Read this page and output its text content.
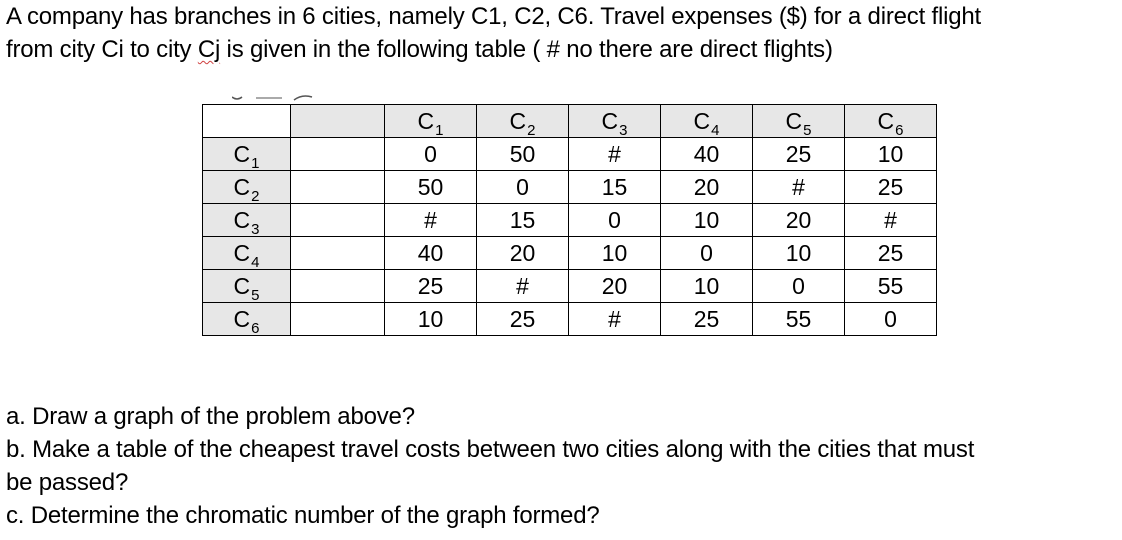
A company has branches in 6 cities, namely C1, C2, C6. Travel expenses ($) for a direct flight
from city Ci to city Cj is given in the following table ( # no there are direct flights)
		$C_1$	$C_2$	$C_3$	$C_4$	$C_5$	$C_6$
$C_1$		0	50	#	40	25	10
$C_2$		50	0	15	20	#	25
$C_3$		#	15	0	10	20	#
$C_4$		40	20	10	0	10	25
$C_5$		25	#	20	10	0	55
$C_6$		10	25	#	25	55	0

a. Draw a graph of the problem above?

b. Make a table of the cheapest travel costs between two cities along with the cities that must

be passed?

c. Determine the chromatic number of the graph formed?
